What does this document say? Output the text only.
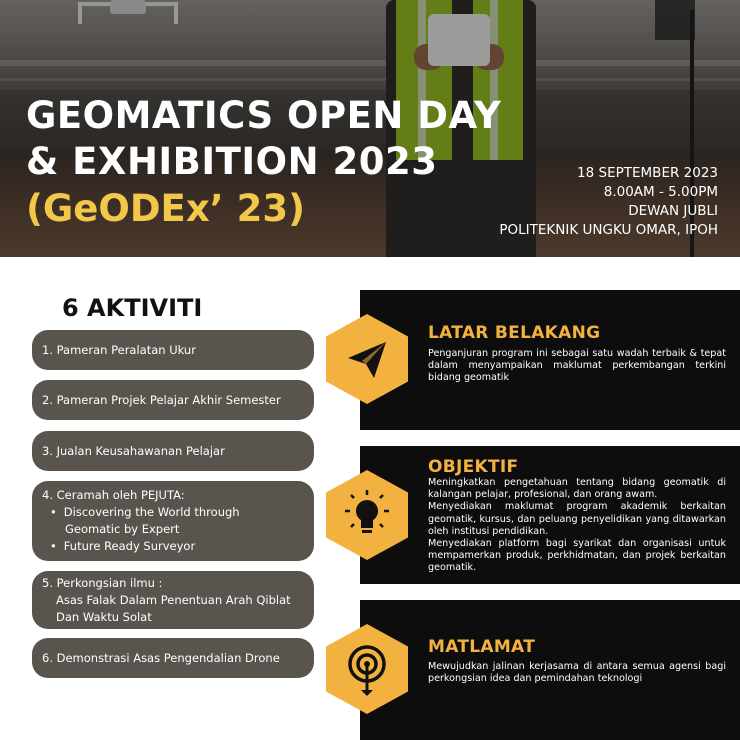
GEOMATICS OPEN DAY
& EXHIBITION 2023
(GeODEx’ 23)
18 SEPTEMBER 2023
8.00AM - 5.00PM
DEWAN JUBLI
POLITEKNIK UNGKU OMAR, IPOH
6 AKTIVITI
1. Pameran Peralatan Ukur
2. Pameran Projek Pelajar Akhir Semester
3. Jualan Keusahawanan Pelajar
4. Ceramah oleh PEJUTA:
• Discovering the World through
Geomatic by Expert
• Future Ready Surveyor
5. Perkongsian ilmu :
Asas Falak Dalam Penentuan Arah Qiblat
Dan Waktu Solat
6. Demonstrasi Asas Pengendalian Drone
LATAR BELAKANG

Penganjuran program ini sebagai satu wadah terbaik & tepat dalam menyampaikan maklumat perkembangan terkini bidang geomatik

OBJEKTIF

Meningkatkan pengetahuan tentang bidang geomatik di kalangan pelajar, profesional, dan orang awam.

Menyediakan maklumat program akademik berkaitan geomatik, kursus, dan peluang penyelidikan yang ditawarkan oleh institusi pendidikan.

Menyediakan platform bagi syarikat dan organisasi untuk mempamerkan produk, perkhidmatan, dan projek berkaitan geomatik.

MATLAMAT

Mewujudkan jalinan kerjasama di antara semua agensi bagi perkongsian idea dan pemindahan teknologi
